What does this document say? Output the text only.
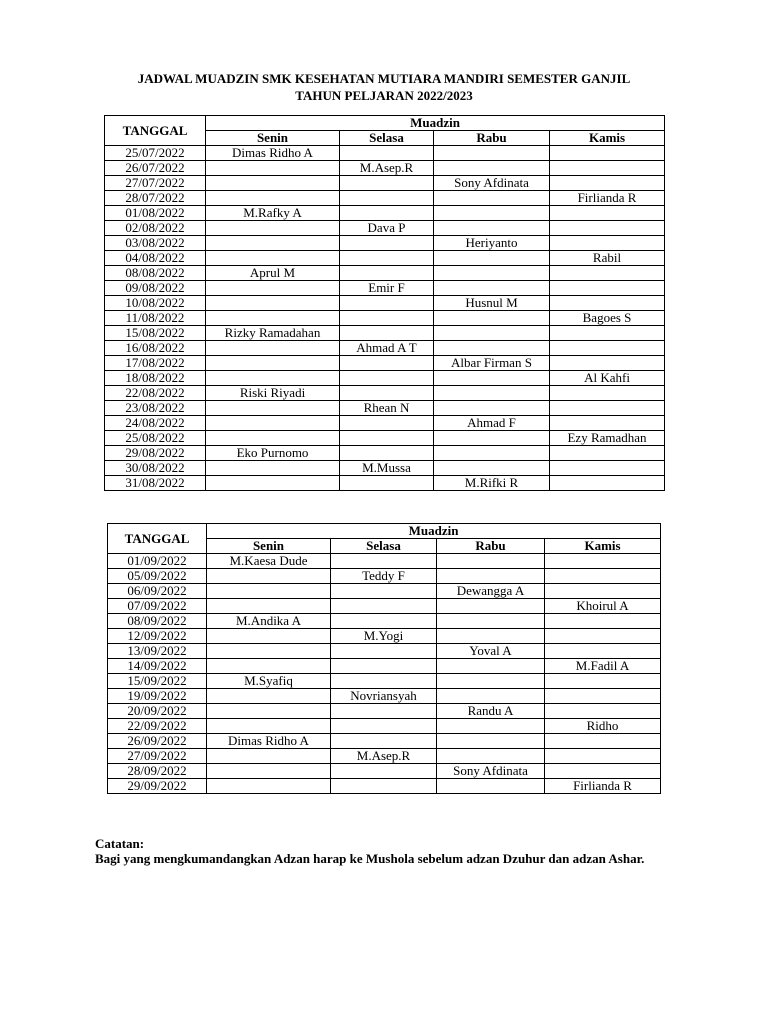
JADWAL MUADZIN SMK KESEHATAN MUTIARA MANDIRI SEMESTER GANJIL
TAHUN PELJARAN 2022/2023
TANGGAL	Muadzin			
	Senin	Selasa	Rabu	Kamis
25/07/2022	Dimas Ridho A			
26/07/2022		M.Asep.R		
27/07/2022			Sony Afdinata	
28/07/2022				Firlianda R
01/08/2022	M.Rafky A			
02/08/2022		Dava P		
03/08/2022			Heriyanto	
04/08/2022				Rabil
08/08/2022	Aprul M			
09/08/2022		Emir F		
10/08/2022			Husnul M	
11/08/2022				Bagoes S
15/08/2022	Rizky Ramadahan			
16/08/2022		Ahmad A T		
17/08/2022			Albar Firman S	
18/08/2022				Al Kahfi
22/08/2022	Riski Riyadi			
23/08/2022		Rhean N		
24/08/2022			Ahmad F	
25/08/2022				Ezy Ramadhan
29/08/2022	Eko Purnomo			
30/08/2022		M.Mussa		
31/08/2022			M.Rifki R	
TANGGAL	Muadzin			
	Senin	Selasa	Rabu	Kamis
01/09/2022	M.Kaesa Dude			
05/09/2022		Teddy F		
06/09/2022			Dewangga A	
07/09/2022				Khoirul A
08/09/2022	M.Andika A			
12/09/2022		M.Yogi		
13/09/2022			Yoval A	
14/09/2022				M.Fadil A
15/09/2022	M.Syafiq			
19/09/2022		Novriansyah		
20/09/2022			Randu A	
22/09/2022				Ridho
26/09/2022	Dimas Ridho A			
27/09/2022		M.Asep.R		
28/09/2022			Sony Afdinata	
29/09/2022				Firlianda R

Catatan:

Bagi yang mengkumandangkan Adzan harap ke Mushola sebelum adzan Dzuhur dan adzan Ashar.
